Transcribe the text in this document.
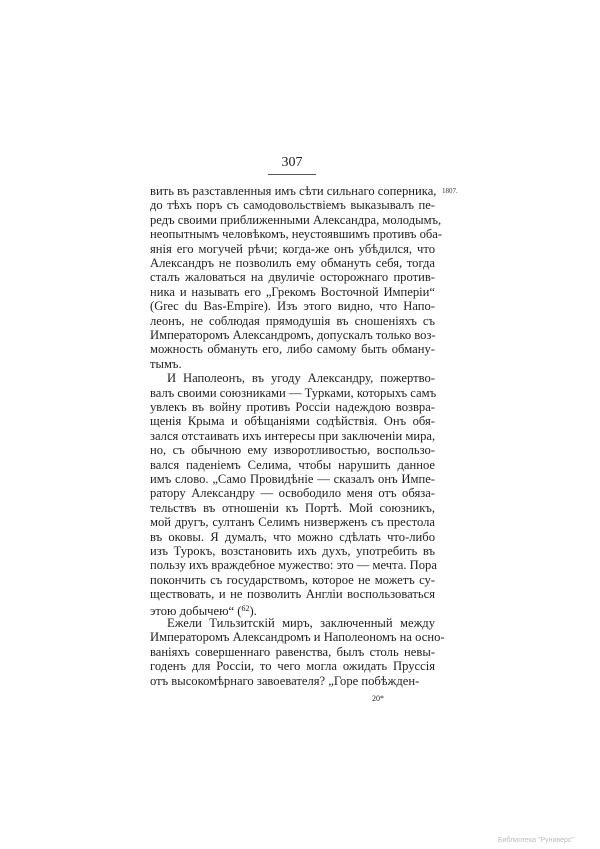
307
1807.
вить въ разставленныя имъ сѣти сильнаго соперника,
до тѣхъ поръ съ самодовольствіемъ выказывалъ пе-
редъ своими приближенными Александра, молодымъ,
неопытнымъ человѣкомъ, неустоявшимъ противъ оба-
янія его могучей рѣчи; когда-же онъ убѣдился, что
Александръ не позволилъ ему обмануть себя, тогда
сталъ жаловаться на двуличіе осторожнаго против-
ника и называть его „Грекомъ Восточной Имперіи“
(Grec du Bas-Empire). Изъ этого видно, что Напо-
леонъ, не соблюдая прямодушія въ сношеніяхъ съ
Императоромъ Александромъ, допускалъ только воз-
можность обмануть его, либо самому быть обману-
тымъ.
И Наполеонъ, въ угоду Александру, пожертво-
валъ своими союзниками — Турками, которыхъ самъ
увлекъ въ войну противъ Россіи надеждою возвра-
щенія Крыма и обѣщаніями содѣйствія. Онъ обя-
зался отстаивать ихъ интересы при заключеніи мира,
но, съ обычною ему изворотливостью, воспользо-
вался паденіемъ Селима, чтобы нарушить данное
имъ слово. „Само Провидѣніе — сказалъ онъ Импе-
ратору Александру — освободило меня отъ обяза-
тельствъ въ отношеніи къ Портѣ. Мой союзникъ,
мой другъ, султанъ Селимъ низверженъ съ престола
въ оковы. Я думалъ, что можно сдѣлать что-либо
изъ Турокъ, возстановить ихъ духъ, употребить въ
пользу ихъ враждебное мужество: это — мечта. Пора
покончить съ государствомъ, которое не можетъ су-
ществовать, и не позволить Англіи воспользоваться
этою добычею“ ($^{62}$).
Ежели Тильзитскій миръ, заключенный между
Императоромъ Александромъ и Наполеономъ на осно-
ваніяхъ совершеннаго равенства, былъ столь невы-
годенъ для Россіи, то чего могла ожидать Пруссія
отъ высокомѣрнаго завоевателя? „Горе побѣжден-
20*
Библиотека "Руниверс"
